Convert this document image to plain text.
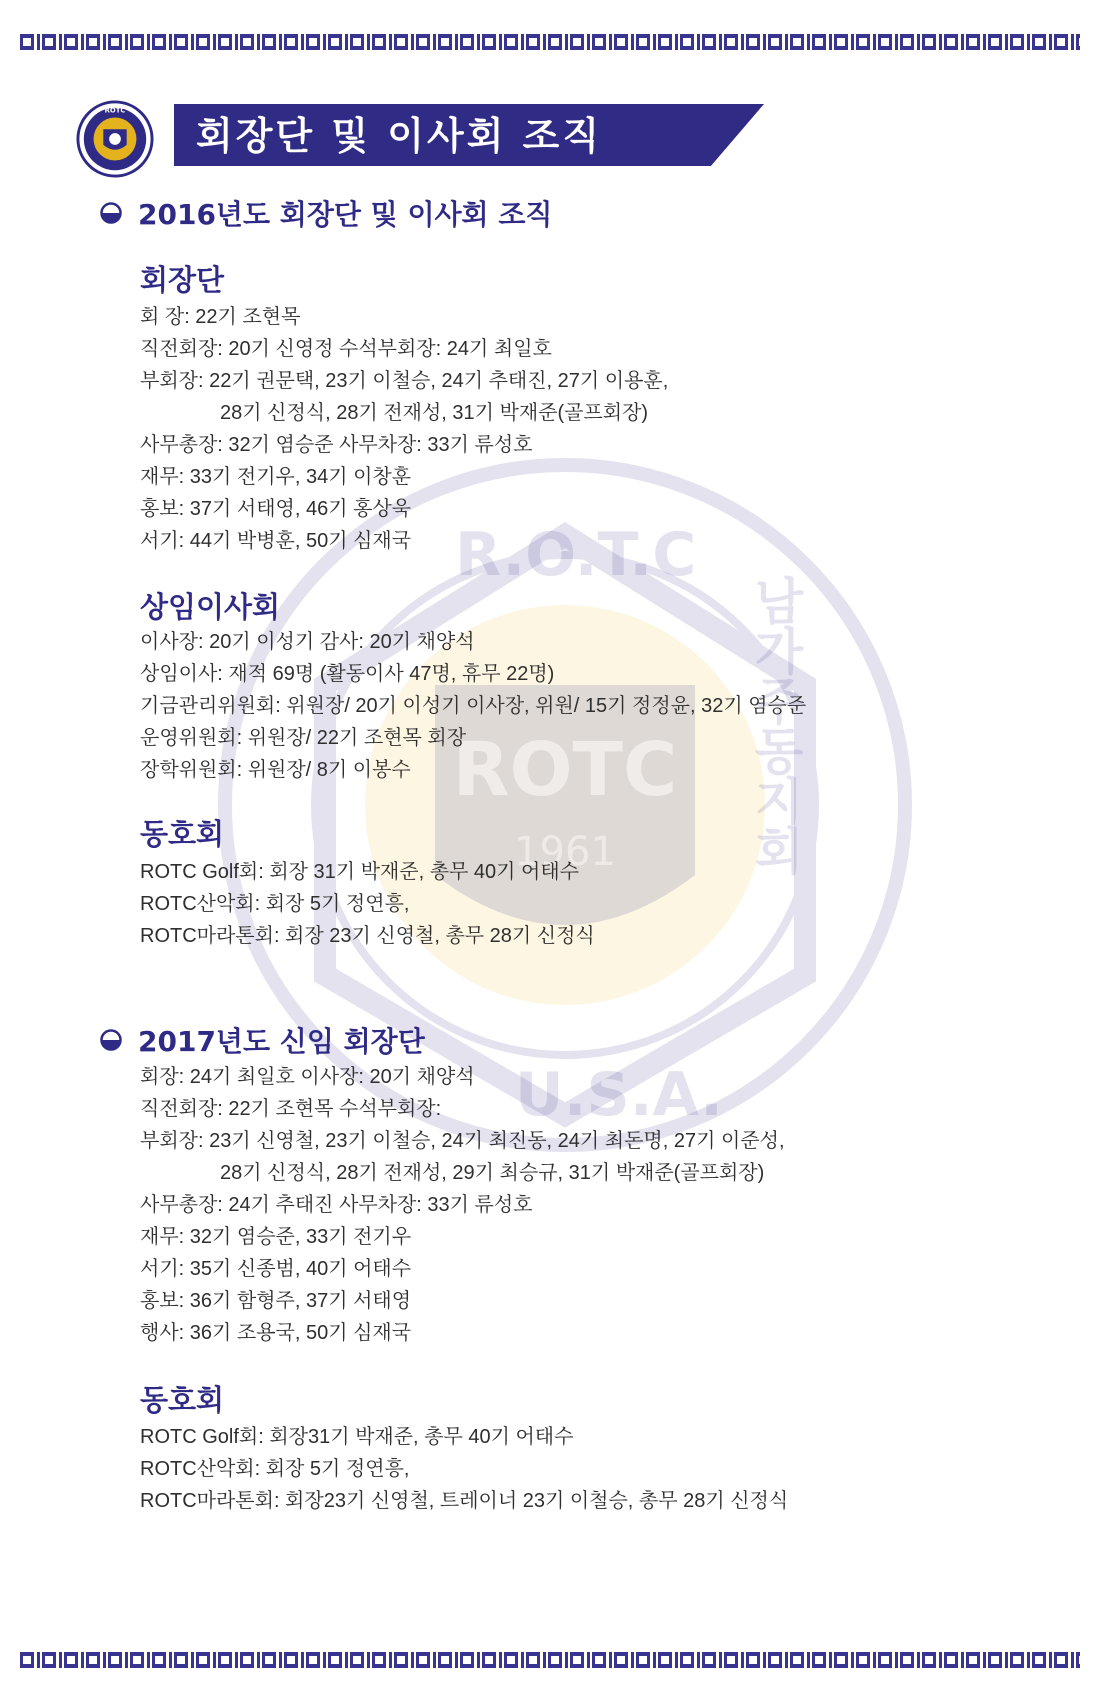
ROTC
1961
R.O.T.C
U.S.A.
남가주동지회
ROTC
회장단 및 이사회 조직
2016년도 회장단 및 이사회 조직
회장단
회 장: 22기 조현목
직전회장: 20기 신영정 수석부회장: 24기 최일호
부회장: 22기 권문택, 23기 이철승, 24기 추태진, 27기 이용훈,
28기 신정식, 28기 전재성, 31기 박재준(골프회장)
사무총장: 32기 염승준 사무차장: 33기 류성호
재무: 33기 전기우, 34기 이창훈
홍보: 37기 서태영, 46기 홍상욱
서기: 44기 박병훈, 50기 심재국
상임이사회
이사장: 20기 이성기 감사: 20기 채양석
상임이사: 재적 69명 (활동이사 47명, 휴무 22명)
기금관리위원회: 위원장/ 20기 이성기 이사장, 위원/ 15기 정정윤, 32기 염승준
운영위원회: 위원장/ 22기 조현목 회장
장학위원회: 위원장/ 8기 이봉수
동호회
ROTC Golf회: 회장 31기 박재준, 총무 40기 어태수
ROTC산악회: 회장 5기 정연흥,
ROTC마라톤회: 회장 23기 신영철, 총무 28기 신정식
2017년도 신임 회장단
회장: 24기 최일호 이사장: 20기 채양석
직전회장: 22기 조현목 수석부회장:
부회장: 23기 신영철, 23기 이철승, 24기 최진동, 24기 최돈명, 27기 이준성,
28기 신정식, 28기 전재성, 29기 최승규, 31기 박재준(골프회장)
사무총장: 24기 추태진 사무차장: 33기 류성호
재무: 32기 염승준, 33기 전기우
서기: 35기 신종범, 40기 어태수
홍보: 36기 함형주, 37기 서태영
행사: 36기 조용국, 50기 심재국
동호회
ROTC Golf회: 회장31기 박재준, 총무 40기 어태수
ROTC산악회: 회장 5기 정연흥,
ROTC마라톤회: 회장23기 신영철, 트레이너 23기 이철승, 총무 28기 신정식
